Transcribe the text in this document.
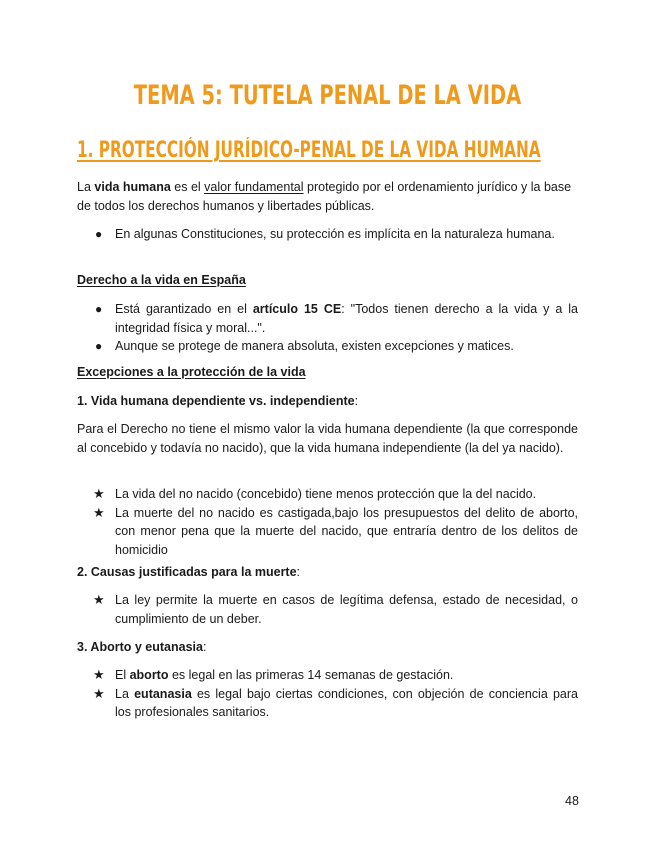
TEMA 5: TUTELA PENAL DE LA VIDA
1. PROTECCIÓN JURÍDICO-PENAL DE LA VIDA HUMANA

La vida humana es el valor fundamental protegido por el ordenamiento jurídico y la base de todos los derechos humanos y libertades públicas.

● En algunas Constituciones, su protección es implícita en la naturaleza humana.

Derecho a la vida en España

● Está garantizado en el artículo 15 CE: "Todos tienen derecho a la vida y a la integridad física y moral...".
● Aunque se protege de manera absoluta, existen excepciones y matices.

Excepciones a la protección de la vida

1. Vida humana dependiente vs. independiente:

Para el Derecho no tiene el mismo valor la vida humana dependiente (la que corresponde al concebido y todavía no nacido), que la vida humana independiente (la del ya nacido).

★ La vida del no nacido (concebido) tiene menos protección que la del nacido.
★ La muerte del no nacido es castigada,bajo los presupuestos del delito de aborto, con menor pena que la muerte del nacido, que entraría dentro de los delitos de homicidio

2. Causas justificadas para la muerte:

★ La ley permite la muerte en casos de legítima defensa, estado de necesidad, o cumplimiento de un deber.

3. Aborto y eutanasia:

★ El aborto es legal en las primeras 14 semanas de gestación.
★ La eutanasia es legal bajo ciertas condiciones, con objeción de conciencia para los profesionales sanitarios.
48
